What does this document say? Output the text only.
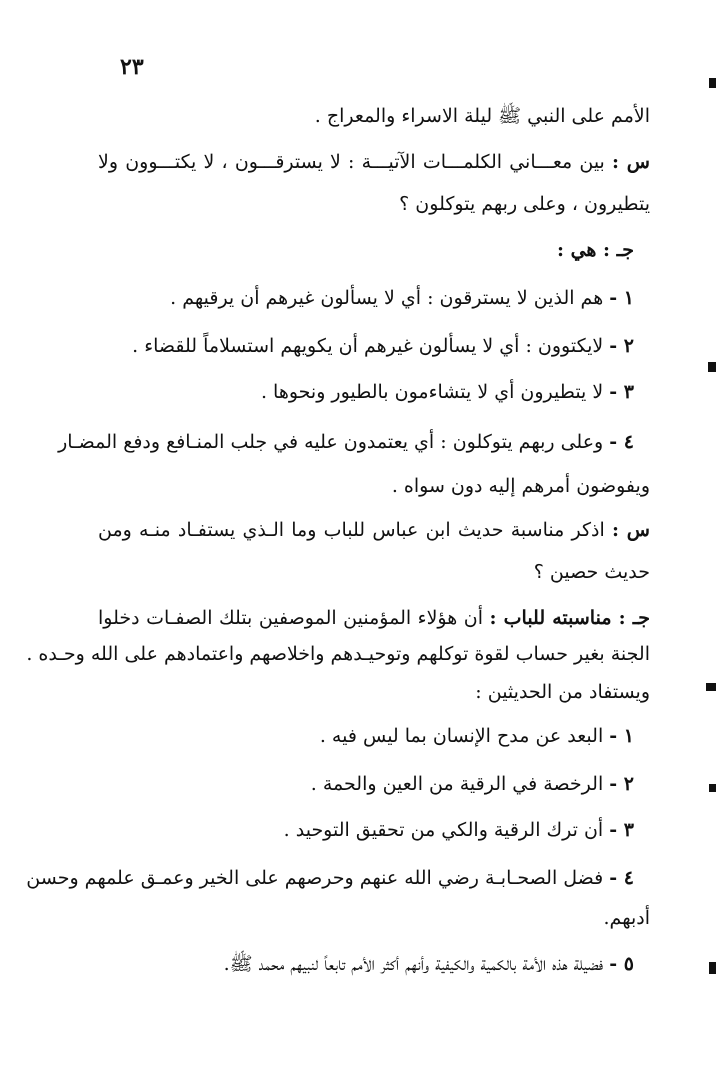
٢٣
الأمم على النبي ﷺ ليلة الاسراء والمعراج .
س : بين معـــاني الكلمـــات الآتيـــة : لا يسترقـــون ، لا يكتـــوون ولا
يتطيرون ، وعلى ربهم يتوكلون ؟
جـ : هي :
١ - هم الذين لا يسترقون : أي لا يسألون غيرهم أن يرقيهم .
٢ - لايكتوون : أي لا يسألون غيرهم أن يكويهم استسلاماً للقضاء .
٣ - لا يتطيرون أي لا يتشاءمون بالطيور ونحوها .
٤ - وعلى ربهم يتوكلون : أي يعتمدون عليه في جلب المنـافع ودفع المضـار
ويفوضون أمرهم إليه دون سواه .
س : اذكر مناسبة حديث ابن عباس للباب وما الـذي يستفـاد منـه ومن
حديث حصين ؟
جـ : مناسبته للباب : أن هؤلاء المؤمنين الموصفين بتلك الصفـات دخلوا
الجنة بغير حساب لقوة توكلهم وتوحيـدهم واخلاصهم واعتمادهم على الله وحـده .
ويستفاد من الحديثين :
١ - البعد عن مدح الإنسان بما ليس فيه .
٢ - الرخصة في الرقية من العين والحمة .
٣ - أن ترك الرقية والكي من تحقيق التوحيد .
٤ - فضل الصحـابـة رضي الله عنهم وحرصهم على الخير وعمـق علمهم وحسن
أدبهم.
٥ - فضيلة هذه الأمة بالكمية والكيفية وأنهم أكثر الأمم تابعاً لنبيهم محمد ﷺ.
